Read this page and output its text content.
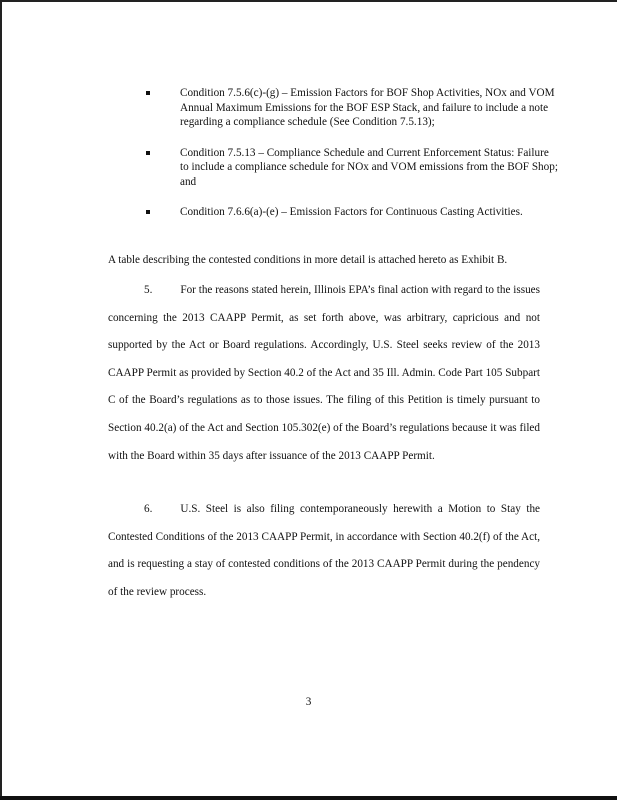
Condition 7.5.6(c)-(g) – Emission Factors for BOF Shop Activities, NOx and VOM Annual Maximum Emissions for the BOF ESP Stack, and failure to include a note regarding a compliance schedule (See Condition 7.5.13);
Condition 7.5.13 – Compliance Schedule and Current Enforcement Status: Failure to include a compliance schedule for NOx and VOM emissions from the BOF Shop; and
Condition 7.6.6(a)-(e) – Emission Factors for Continuous Casting Activities.
A table describing the contested conditions in more detail is attached hereto as Exhibit B.

5.    For the reasons stated herein, Illinois EPA’s final action with regard to the issues concerning the 2013 CAAPP Permit, as set forth above, was arbitrary, capricious and not supported by the Act or Board regulations. Accordingly, U.S. Steel seeks review of the 2013 CAAPP Permit as provided by Section 40.2 of the Act and 35 Ill. Admin. Code Part 105 Subpart C of the Board’s regulations as to those issues. The filing of this Petition is timely pursuant to Section 40.2(a) of the Act and Section 105.302(e) of the Board’s regulations because it was filed with the Board within 35 days after issuance of the 2013 CAAPP Permit.

6.    U.S. Steel is also filing contemporaneously herewith a Motion to Stay the Contested Conditions of the 2013 CAAPP Permit, in accordance with Section 40.2(f) of the Act, and is requesting a stay of contested conditions of the 2013 CAAPP Permit during the pendency of the review process.

3
